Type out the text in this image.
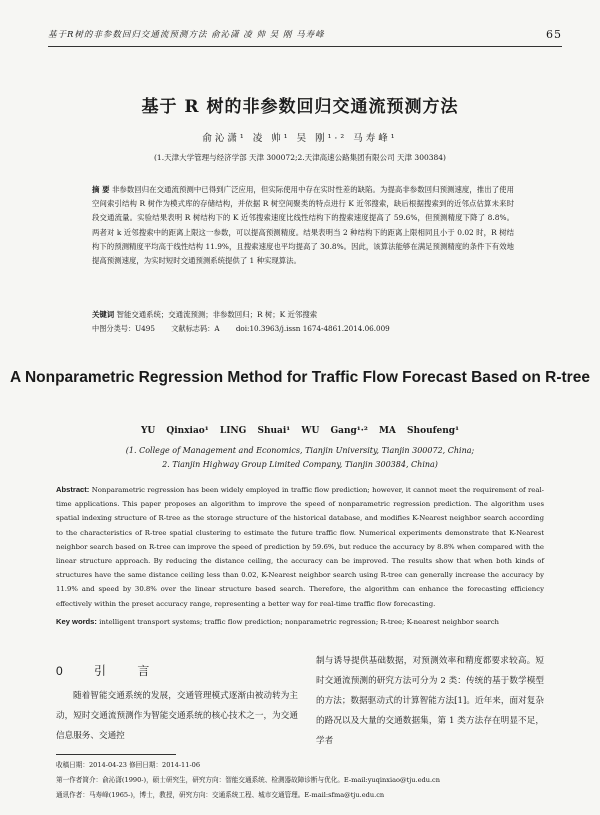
基于R树的非参数回归交通流预测方法 俞沁潇 凌 帅 吴 刚 马寿峰	65
基于 R 树的非参数回归交通流预测方法
俞沁潇¹ 凌 帅¹ 吴 刚¹·² 马寿峰¹
(1.天津大学管理与经济学部 天津 300072;2.天津高速公路集团有限公司 天津 300384)
摘 要 非参数回归在交通流预测中已得到广泛应用，但实际使用中存在实时性差的缺陷。为提高非参数回归预测速度，推出了使用空间索引结构 R 树作为模式库的存储结构，并依据 R 树空间聚类的特点进行 K 近邻搜索，缺后根据搜索到的近邻点估算未来时段交通流量。实验结果表明 R 树结构下的 K 近邻搜索速度比线性结构下的搜索速度提高了 59.6%，但预测精度下降了 8.8%。两者对 k 近邻搜索中的距离上限这一参数，可以提高预测精度。结果表明当 2 种结构下的距离上限相同且小于 0.02 时，R 树结构下的预测精度平均高于线性结构 11.9%，且搜索速度也平均提高了 30.8%。因此，该算法能够在满足预测精度的条件下有效地提高预测速度，为实时短时交通预测系统提供了 1 种实现算法。
关键词 智能交通系统；交通流预测；非参数回归；R 树；K 近邻搜索
中图分类号：U495 文献标志码：A doi:10.3963/j.issn 1674-4861.2014.06.009
A Nonparametric Regression Method for Traffic Flow Forecast Based on R-tree
YU Qinxiao¹ LING Shuai¹ WU Gang¹·² MA Shoufeng¹
(1. College of Management and Economics, Tianjin University, Tianjin 300072, China;
2. Tianjin Highway Group Limited Company, Tianjin 300384, China)
Abstract: Nonparametric regression has been widely employed in traffic flow prediction; however, it cannot meet the requirement of real-time applications. This paper proposes an algorithm to improve the speed of nonparametric regression prediction. The algorithm uses spatial indexing structure of R-tree as the storage structure of the historical database, and modifies K-Nearest neighbor search according to the characteristics of R-tree spatial clustering to estimate the future traffic flow. Numerical experiments demonstrate that K-Nearest neighbor search based on R-tree can improve the speed of prediction by 59.6%, but reduce the accuracy by 8.8% when compared with the linear structure approach. By reducing the distance ceiling, the accuracy can be improved. The results show that when both kinds of structures have the same distance ceiling less than 0.02, K-Nearest neighbor search using R-tree can generally increase the accuracy by 11.9% and speed by 30.8% over the linear structure based search. Therefore, the algorithm can enhance the forecasting efficiency effectively within the preset accuracy range, representing a better way for real-time traffic flow forecasting.
Key words: intelligent transport systems; traffic flow prediction; nonparametric regression; R-tree; K-nearest neighbor search
0 引 言
随着智能交通系统的发展，交通管理模式逐渐由被动转为主动，短时交通流预测作为智能交通系统的核心技术之一，为交通信息服务、交通控
制与诱导提供基础数据，对预测效率和精度都要求较高。短时交通流预测的研究方法可分为 2 类：传统的基于数学模型的方法；数据驱动式的计算智能方法[1]。近年来，面对复杂的路况以及大量的交通数据集，第 1 类方法存在明显不足，学者
收稿日期：2014-04-23 修回日期：2014-11-06
第一作者简介：俞沁潇(1990-)，硕士研究生，研究方向：智能交通系统、检测器故障诊断与优化。E-mail:yuqinxiao@tju.edu.cn
通讯作者：马寿峰(1965-)，博士，教授，研究方向：交通系统工程、城市交通管理。E-mail:sfma@tju.edu.cn
